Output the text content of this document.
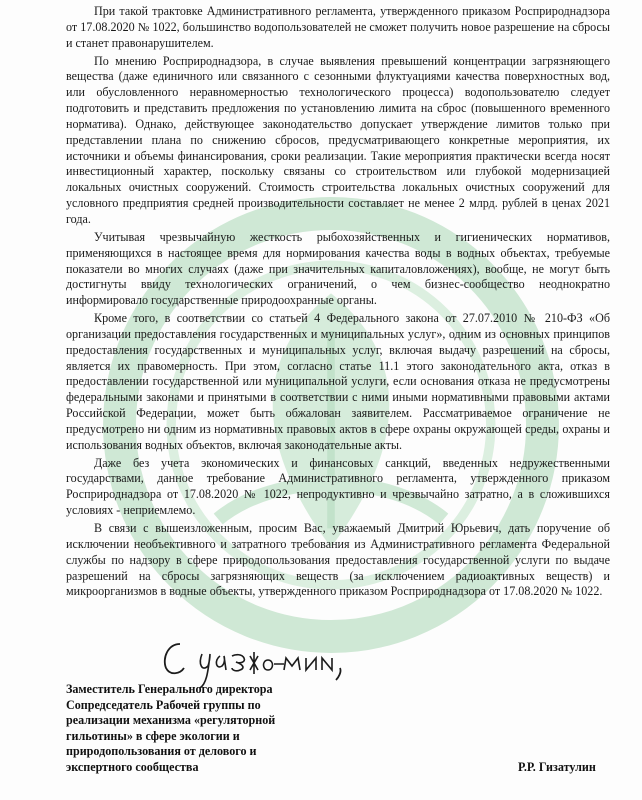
При такой трактовке Административного регламента, утвержденного приказом Росприроднадзора от 17.08.2020 № 1022, большинство водопользователей не сможет получить новое разрешение на сбросы и станет правонарушителем.

По мнению Росприроднадзора, в случае выявления превышений концентрации загрязняющего вещества (даже единичного или связанного с сезонными флуктуациями качества поверхностных вод, или обусловленного неравномерностью технологического процесса) водопользователю следует подготовить и представить предложения по установлению лимита на сброс (повышенного временного норматива). Однако, действующее законодательство допускает утверждение лимитов только при представлении плана по снижению сбросов, предусматривающего конкретные мероприятия, их источники и объемы финансирования, сроки реализации. Такие мероприятия практически всегда носят инвестиционный характер, поскольку связаны со строительством или глубокой модернизацией локальных очистных сооружений. Стоимость строительства локальных очистных сооружений для условного предприятия средней производительности составляет не менее 2 млрд. рублей в ценах 2021 года.

Учитывая чрезвычайную жесткость рыбохозяйственных и гигиенических нормативов, применяющихся в настоящее время для нормирования качества воды в водных объектах, требуемые показатели во многих случаях (даже при значительных капиталовложениях), вообще, не могут быть достигнуты ввиду технологических ограничений, о чем бизнес-сообщество неоднократно информировало государственные природоохранные органы.

Кроме того, в соответствии со статьей 4 Федерального закона от 27.07.2010 № 210-ФЗ «Об организации предоставления государственных и муниципальных услуг», одним из основных принципов предоставления государственных и муниципальных услуг, включая выдачу разрешений на сбросы, является их правомерность. При этом, согласно статье 11.1 этого законодательного акта, отказ в предоставлении государственной или муниципальной услуги, если основания отказа не предусмотрены федеральными законами и принятыми в соответствии с ними иными нормативными правовыми актами Российской Федерации, может быть обжалован заявителем. Рассматриваемое ограничение не предусмотрено ни одним из нормативных правовых актов в сфере охраны окружающей среды, охраны и использования водных объектов, включая законодательные акты.

Даже без учета экономических и финансовых санкций, введенных недружественными государствами, данное требование Административного регламента, утвержденного приказом Росприроднадзора от 17.08.2020 № 1022, непродуктивно и чрезвычайно затратно, а в сложившихся условиях - неприемлемо.

В связи с вышеизложенным, просим Вас, уважаемый Дмитрий Юрьевич, дать поручение об исключении необъективного и затратного требования из Административного регламента Федеральной службы по надзору в сфере природопользования предоставления государственной услуги по выдаче разрешений на сбросы загрязняющих веществ (за исключением радиоактивных веществ) и микроорганизмов в водные объекты, утвержденного приказом Росприроднадзора от 17.08.2020 № 1022.

Заместитель Генерального директора
Сопредседатель Рабочей группы по
реализации механизма «регуляторной
гильотины» в сфере экологии и
природопользования от делового и
экспертного сообщества	Р.Р. Гизатулин
